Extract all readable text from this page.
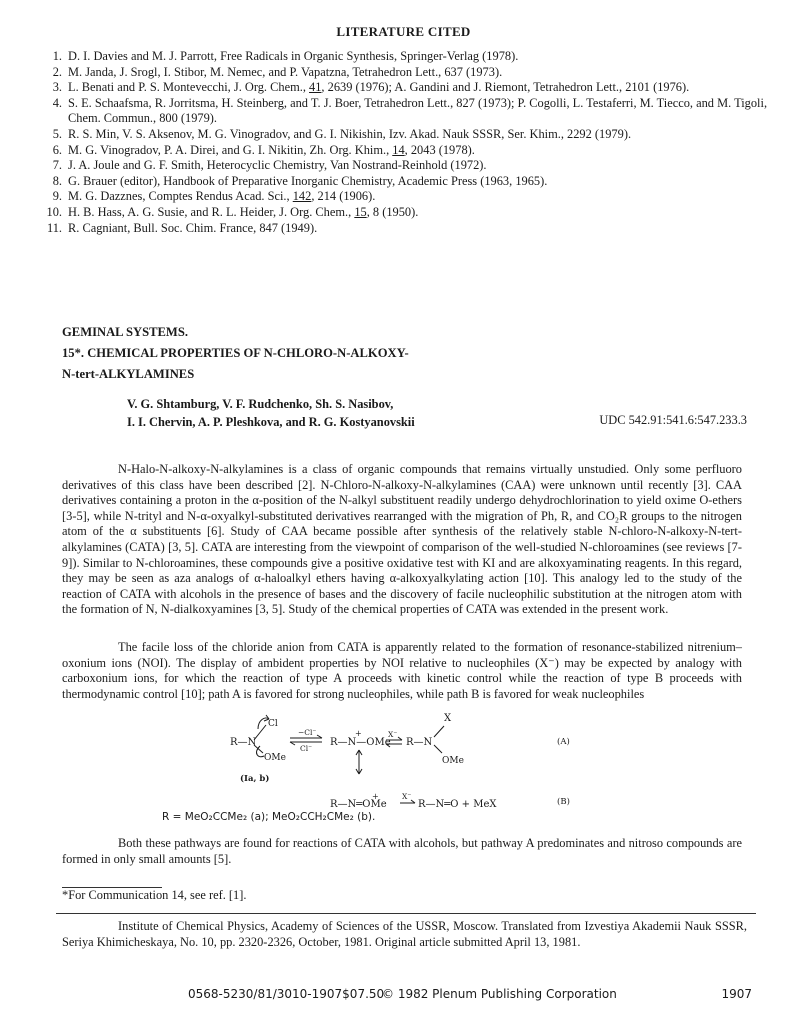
LITERATURE CITED
1. D. I. Davies and M. J. Parrott, Free Radicals in Organic Synthesis, Springer-Verlag (1978).
2. M. Janda, J. Srogl, I. Stibor, M. Nemec, and P. Vapatzna, Tetrahedron Lett., 637 (1973).
3. L. Benati and P. S. Montevecchi, J. Org. Chem., 41, 2639 (1976); A. Gandini and J. Riemont, Tetrahedron Lett., 2101 (1976).
4. S. E. Schaafsma, R. Jorritsma, H. Steinberg, and T. J. Boer, Tetrahedron Lett., 827 (1973); P. Cogolli, L. Testaferri, M. Tiecco, and M. Tigoli, Chem. Commun., 800 (1979).
5. R. S. Min, V. S. Aksenov, M. G. Vinogradov, and G. I. Nikishin, Izv. Akad. Nauk SSSR, Ser. Khim., 2292 (1979).
6. M. G. Vinogradov, P. A. Direi, and G. I. Nikitin, Zh. Org. Khim., 14, 2043 (1978).
7. J. A. Joule and G. F. Smith, Heterocyclic Chemistry, Van Nostrand-Reinhold (1972).
8. G. Brauer (editor), Handbook of Preparative Inorganic Chemistry, Academic Press (1963, 1965).
9. M. G. Dazznes, Comptes Rendus Acad. Sci., 142, 214 (1906).
10. H. B. Hass, A. G. Susie, and R. L. Heider, J. Org. Chem., 15, 8 (1950).
11. R. Cagniant, Bull. Soc. Chim. France, 847 (1949).
GEMINAL SYSTEMS.
15*. CHEMICAL PROPERTIES OF N-CHLORO-N-ALKOXY-
N-tert-ALKYLAMINES
V. G. Shtamburg, V. F. Rudchenko, Sh. S. Nasibov,
I. I. Chervin, A. P. Pleshkova, and R. G. Kostyanovskii	UDC 542.91:541.6:547.233.3

N-Halo-N-alkoxy-N-alkylamines is a class of organic compounds that remains virtually unstudied. Only some perfluoro derivatives of this class have been described [2]. N-Chloro-N-alkoxy-N-alkylamines (CAA) were unknown until recently [3]. CAA derivatives containing a proton in the α-position of the N-alkyl substituent readily undergo dehydrochlorination to yield oxime O-ethers [3-5], while N-trityl and N-α-oxyalkyl-substituted derivatives rearranged with the migration of Ph, R, and CO₂R groups to the nitrogen atom of the α substituents [6]. Study of CAA became possible after synthesis of the relatively stable N-chloro-N-alkoxy-N-tert-alkylamines (CATA) [3, 5]. CATA are interesting from the viewpoint of comparison of the well-studied N-chloroamines (see reviews [7-9]). Similar to N-chloroamines, these compounds give a positive oxidative test with KI and are alkoxyaminating reagents. In this regard, they may be seen as aza analogs of α-haloalkyl ethers having α-alkoxyalkylating action [10]. This analogy led to the study of the reaction of CATA with alcohols in the presence of bases and the discovery of facile nucleophilic substitution at the nitrogen atom with the formation of N, N-dialkoxyamines [3, 5]. Study of the chemical properties of CATA was extended in the present work.

The facile loss of the chloride anion from CATA is apparently related to the formation of resonance-stabilized nitrenium–oxonium ions (NOI). The display of ambident properties by NOI relative to nucleophiles (X⁻) may be expected by analogy with carboxonium ions, for which the reaction of type A proceeds with kinetic control while the reaction of type B proceeds with thermodynamic control [10]; path A is favored for strong nucleophiles, while path B is favored for weak nucleophiles

Cl
R—N
OMe
(Ia, b)
−Cl⁻
Cl⁻
+
R—N—OMe
X⁻
R—N
X
OMe
(A)
+
R—N═OMe
X⁻
R—N═O + MeX	(B)
R = MeO₂CCMe₂ (a); MeO₂CCH₂CMe₂ (b).

Both these pathways are found for reactions of CATA with alcohols, but pathway A predominates and nitroso compounds are formed in only small amounts [5].

*For Communication 14, see ref. [1].

Institute of Chemical Physics, Academy of Sciences of the USSR, Moscow. Translated from Izvestiya Akademii Nauk SSSR, Seriya Khimicheskaya, No. 10, pp. 2320-2326, October, 1981. Original article submitted April 13, 1981.

0568-5230/81/3010-1907$07.50
© 1982 Plenum Publishing Corporation	1907
